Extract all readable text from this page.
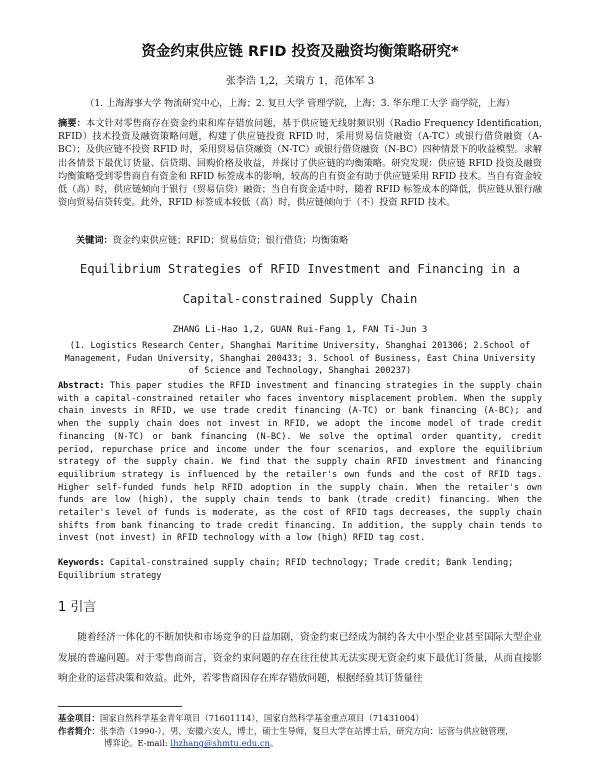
资金约束供应链 RFID 投资及融资均衡策略研究*
张李浩 1,2，关瑞方 1，范体军 3
（1. 上海海事大学 物流研究中心，上海；2. 复旦大学 管理学院，上海；3. 华东理工大学 商学院，上海）
摘要：本文针对零售商存在资金约束和库存错放问题，基于供应链无线射频识别（Radio Frequency Identification, RFID）技术投资及融资策略问题，构建了供应链投资 RFID 时，采用贸易信贷融资（A-TC）或银行借贷融资（A-BC）；及供应链不投资 RFID 时，采用贸易信贷融资（N-TC）或银行借贷融资（N-BC）四种情景下的收益模型。求解出各情景下最优订货量、信贷期、回购价格及收益，并探讨了供应链的均衡策略。研究发现：供应链 RFID 投资及融资均衡策略受到零售商自有资金和 RFID 标签成本的影响，较高的自有资金有助于供应链采用 RFID 技术。当自有资金较低（高）时，供应链倾向于银行（贸易信贷）融资；当自有资金适中时，随着 RFID 标签成本的降低，供应链从银行融资向贸易信贷转变。此外，RFID 标签成本较低（高）时，供应链倾向于（不）投资 RFID 技术。
关键词：资金约束供应链；RFID；贸易信贷；银行借贷；均衡策略
Equilibrium Strategies of RFID Investment and Financing in a
Capital-constrained Supply Chain
ZHANG Li-Hao 1,2, GUAN Rui-Fang 1, FAN Ti-Jun 3
(1. Logistics Research Center, Shanghai Maritime University, Shanghai 201306; 2.School of Management, Fudan University, Shanghai 200433; 3. School of Business, East China University of Science and Technology, Shanghai 200237)
Abstract: This paper studies the RFID investment and financing strategies in the supply chain with a capital-constrained retailer who faces inventory misplacement problem. When the supply chain invests in RFID, we use trade credit financing (A-TC) or bank financing (A-BC); and when the supply chain does not invest in RFID, we adopt the income model of trade credit financing (N-TC) or bank financing (N-BC). We solve the optimal order quantity, credit period, repurchase price and income under the four scenarios, and explore the equilibrium strategy of the supply chain. We find that the supply chain RFID investment and financing equilibrium strategy is influenced by the retailer's own funds and the cost of RFID tags. Higher self-funded funds help RFID adoption in the supply chain. When the retailer's own funds are low (high), the supply chain tends to bank (trade credit) financing. When the retailer's level of funds is moderate, as the cost of RFID tags decreases, the supply chain shifts from bank financing to trade credit financing. In addition, the supply chain tends to invest (not invest) in RFID technology with a low (high) RFID tag cost.
Keywords: Capital-constrained supply chain; RFID technology; Trade credit; Bank lending; Equilibrium strategy
1 引言
随着经济一体化的不断加快和市场竞争的日益加剧，资金约束已经成为制约各大中小型企业甚至国际大型企业发展的普遍问题。对于零售商而言，资金约束问题的存在往往使其无法实现无资金约束下最优订货量，从而直接影响企业的运营决策和效益。此外，若零售商因存在库存错放问题，根据经验其订货量往
基金项目： 国家自然科学基金青年项目（71601114），国家自然科学基金重点项目（71431004）
作者简介： 张李浩（1990-），男，安徽六安人，博士，硕士生导师，复旦大学在站博士后，研究方向：运营与供应链管理，
博弈论。E-mail: lhzhang@shmtu.edu.cn。
